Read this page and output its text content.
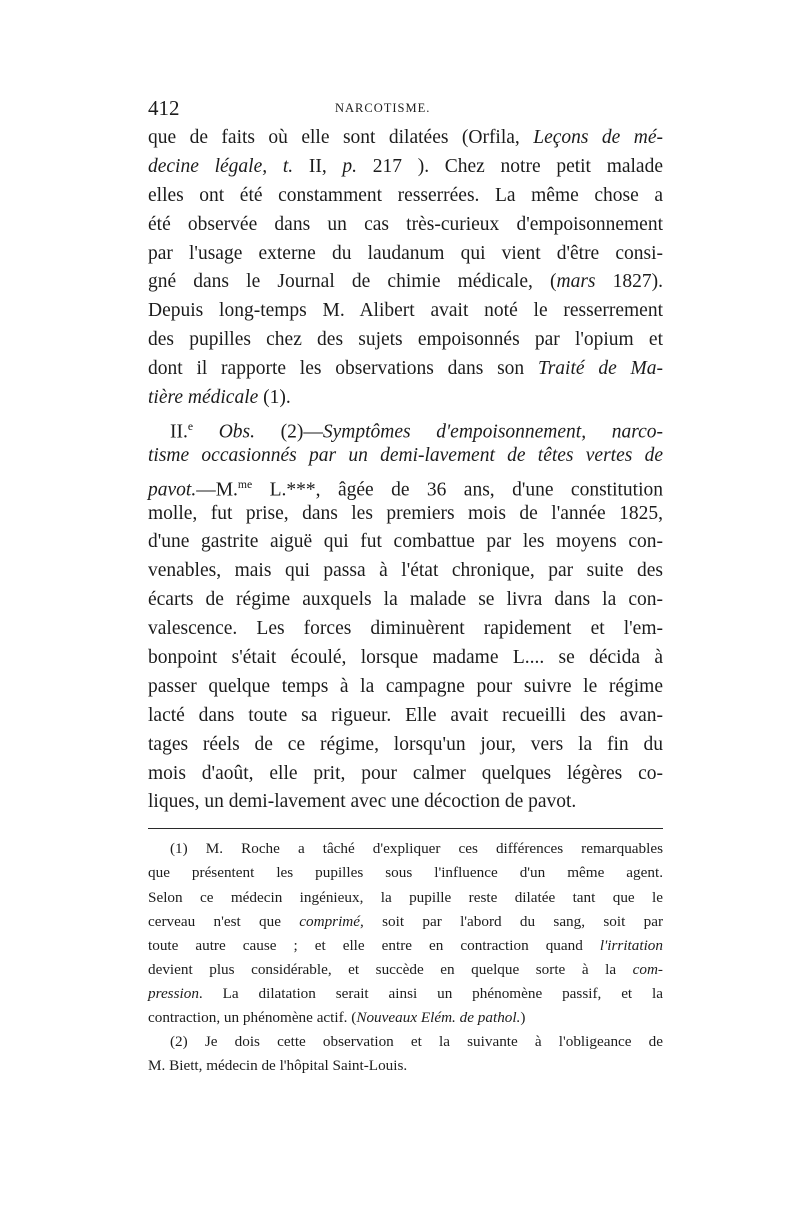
412	NARCOTISME.
que de faits où elle sont dilatées (Orfila, Leçons de mé-
decine légale, t. II, p. 217 ). Chez notre petit malade
elles ont été constamment resserrées. La même chose a
été observée dans un cas très-curieux d'empoisonnement
par l'usage externe du laudanum qui vient d'être consi-
gné dans le Journal de chimie médicale, (mars 1827).
Depuis long-temps M. Alibert avait noté le resserrement
des pupilles chez des sujets empoisonnés par l'opium et
dont il rapporte les observations dans son Traité de Ma-
tière médicale (1).
II.$^e$ Obs. (2)—Symptômes d'empoisonnement, narco-
tisme occasionnés par un demi-lavement de têtes vertes de
pavot.—M.$^{me}$ L.***, âgée de 36 ans, d'une constitution
molle, fut prise, dans les premiers mois de l'année 1825,
d'une gastrite aiguë qui fut combattue par les moyens con-
venables, mais qui passa à l'état chronique, par suite des
écarts de régime auxquels la malade se livra dans la con-
valescence. Les forces diminuèrent rapidement et l'em-
bonpoint s'était écoulé, lorsque madame L.... se décida à
passer quelque temps à la campagne pour suivre le régime
lacté dans toute sa rigueur. Elle avait recueilli des avan-
tages réels de ce régime, lorsqu'un jour, vers la fin du
mois d'août, elle prit, pour calmer quelques légères co-
liques, un demi-lavement avec une décoction de pavot.
(1) M. Roche a tâché d'expliquer ces différences remarquables
que présentent les pupilles sous l'influence d'un même agent.
Selon ce médecin ingénieux, la pupille reste dilatée tant que le
cerveau n'est que comprimé, soit par l'abord du sang, soit par
toute autre cause ; et elle entre en contraction quand l'irritation
devient plus considérable, et succède en quelque sorte à la com-
pression. La dilatation serait ainsi un phénomène passif, et la
contraction, un phénomène actif. (Nouveaux Elém. de pathol.)
(2) Je dois cette observation et la suivante à l'obligeance de
M. Biett, médecin de l'hôpital Saint-Louis.
